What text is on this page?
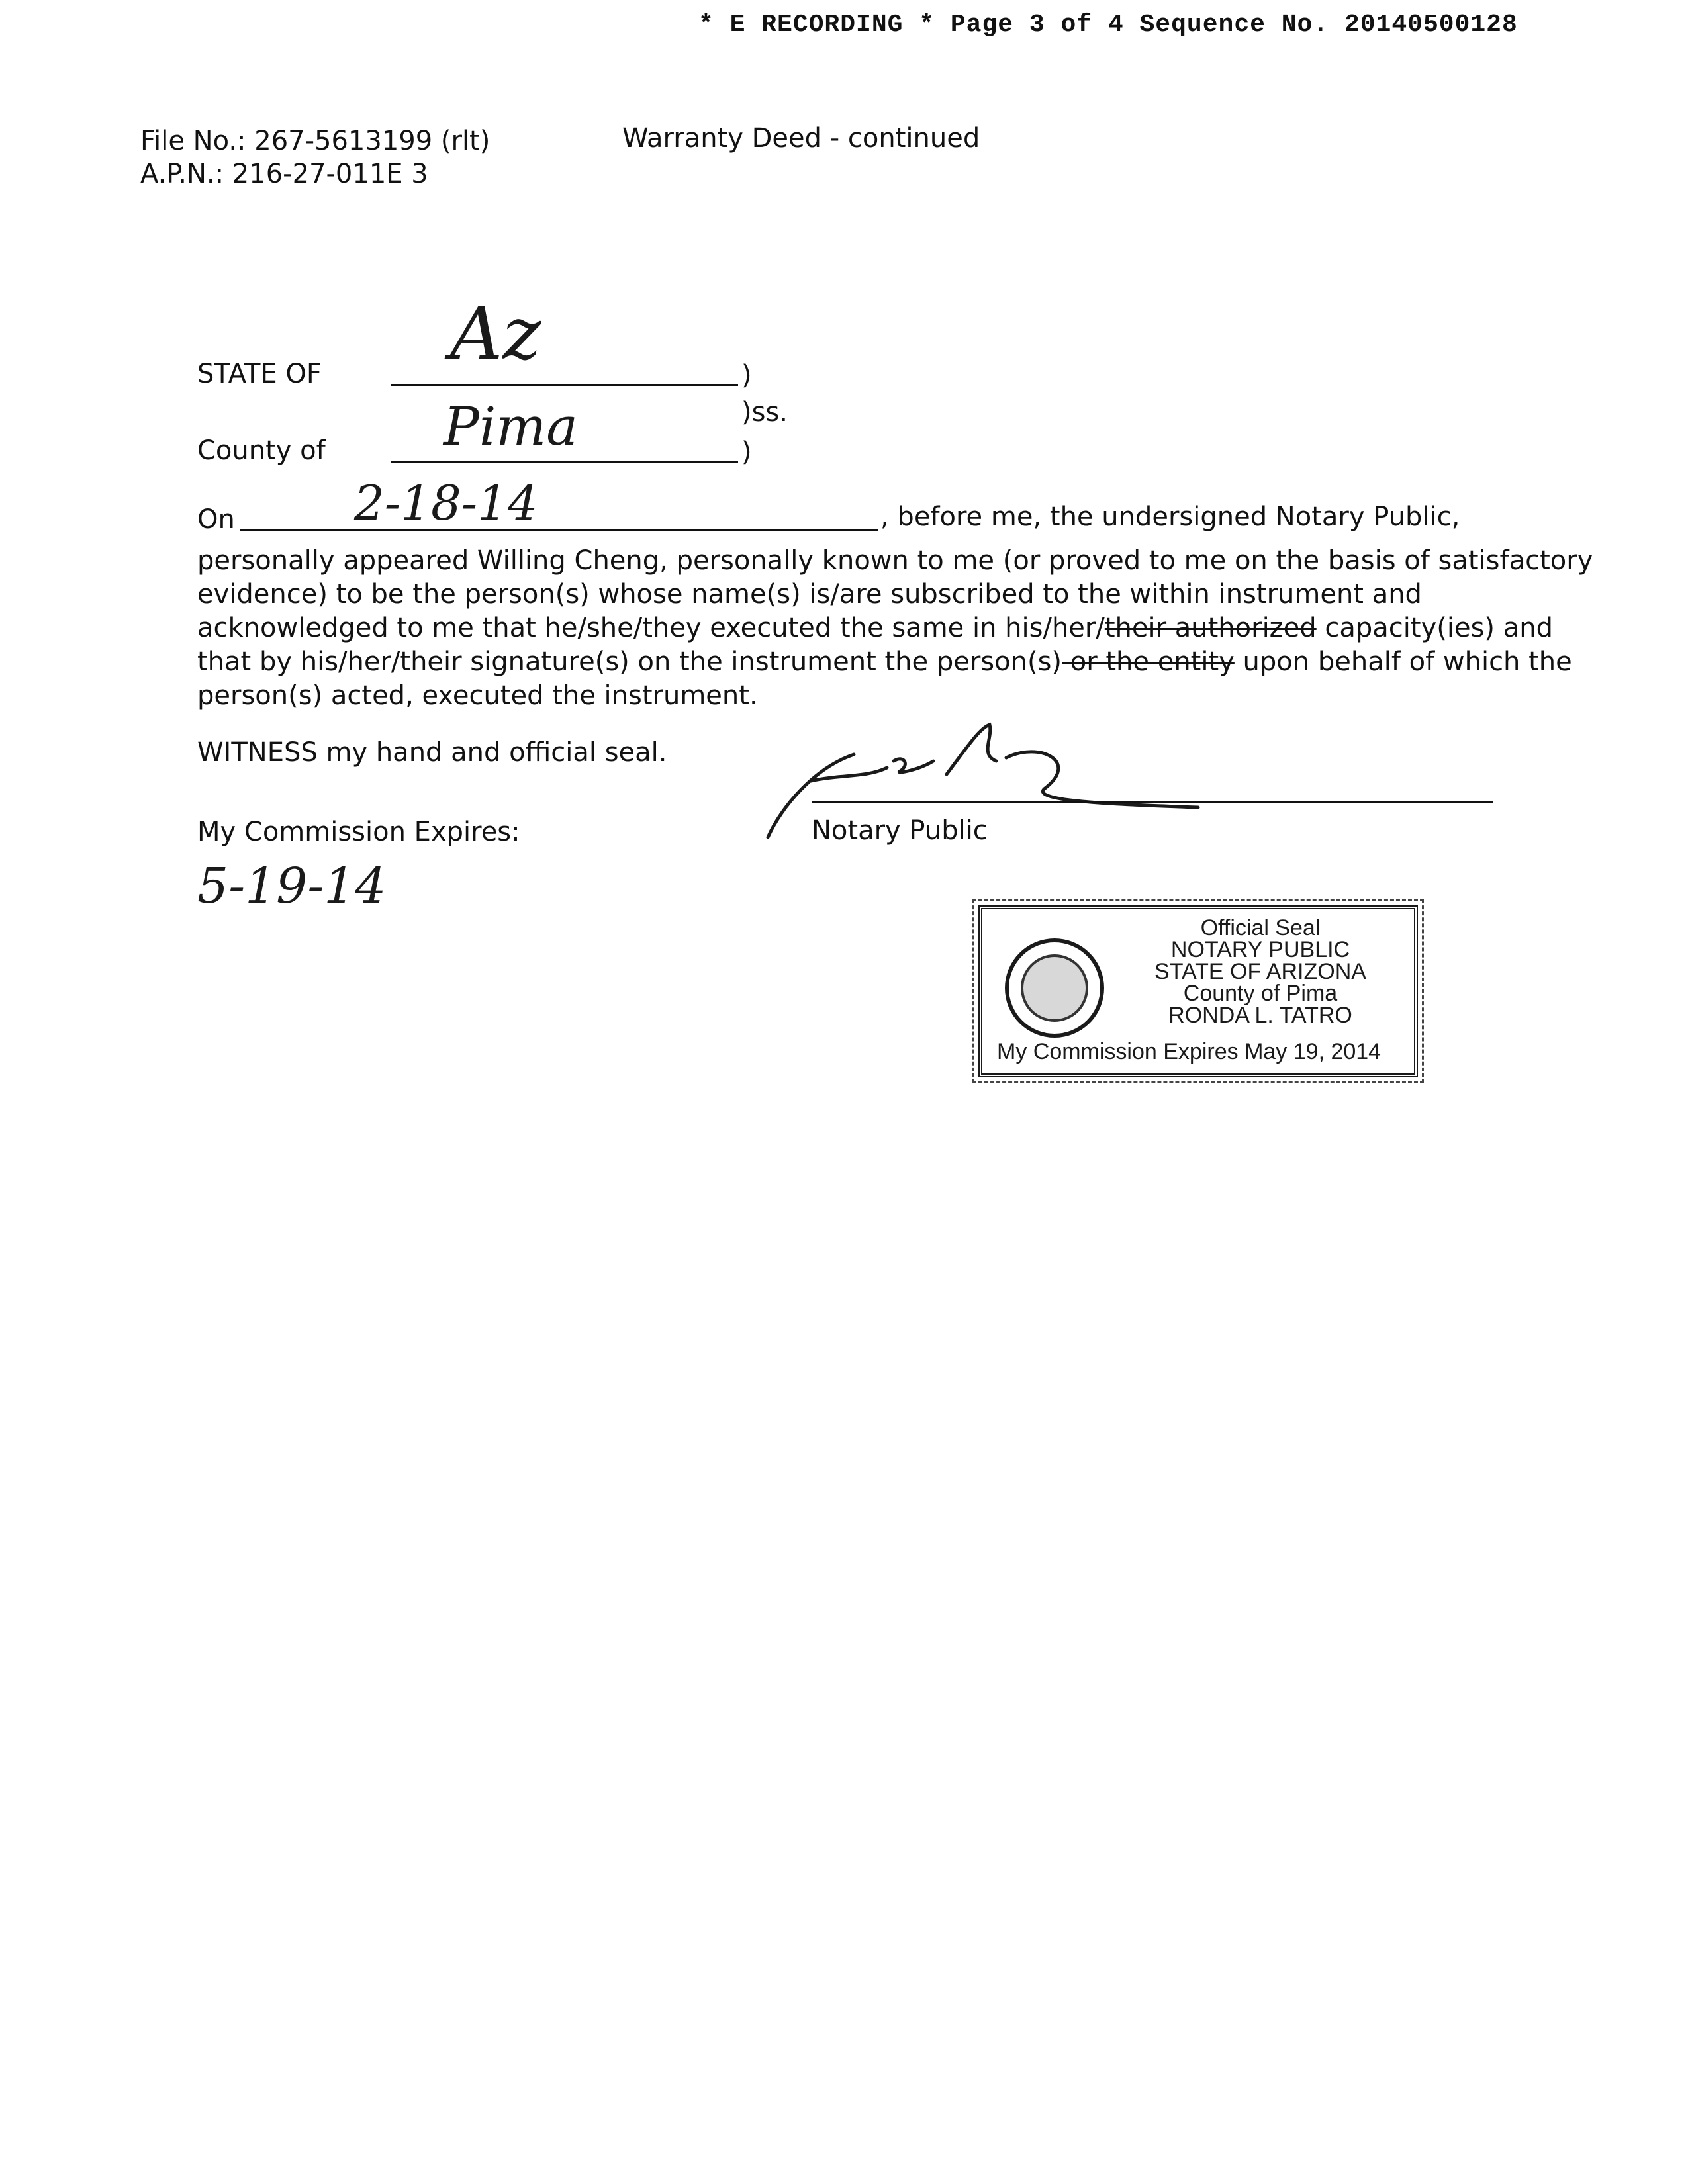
* E RECORDING * Page 3 of 4 Sequence No. 20140500128
File No.: 267-5613199 (rlt)
A.P.N.: 216-27-011E 3
Warranty Deed - continued
STATE OF Az	)
)ss.
County of Pima	)
On	2-18-14	, before me, the undersigned Notary Public,
personally appeared Willing Cheng, personally known to me (or proved to me on the basis of satisfactory
evidence) to be the person(s) whose name(s) is/are subscribed to the within instrument and
acknowledged to me that he/she/they executed the same in his/her/their authorized capacity(ies) and
that by his/her/their signature(s) on the instrument the person(s) or the entity upon behalf of which the
person(s) acted, executed the instrument.
WITNESS my hand and official seal.
Notary Public
My Commission Expires:
5-19-14
Official Seal
NOTARY PUBLIC
STATE OF ARIZONA
County of Pima
RONDA L. TATRO
My Commission Expires May 19, 2014
